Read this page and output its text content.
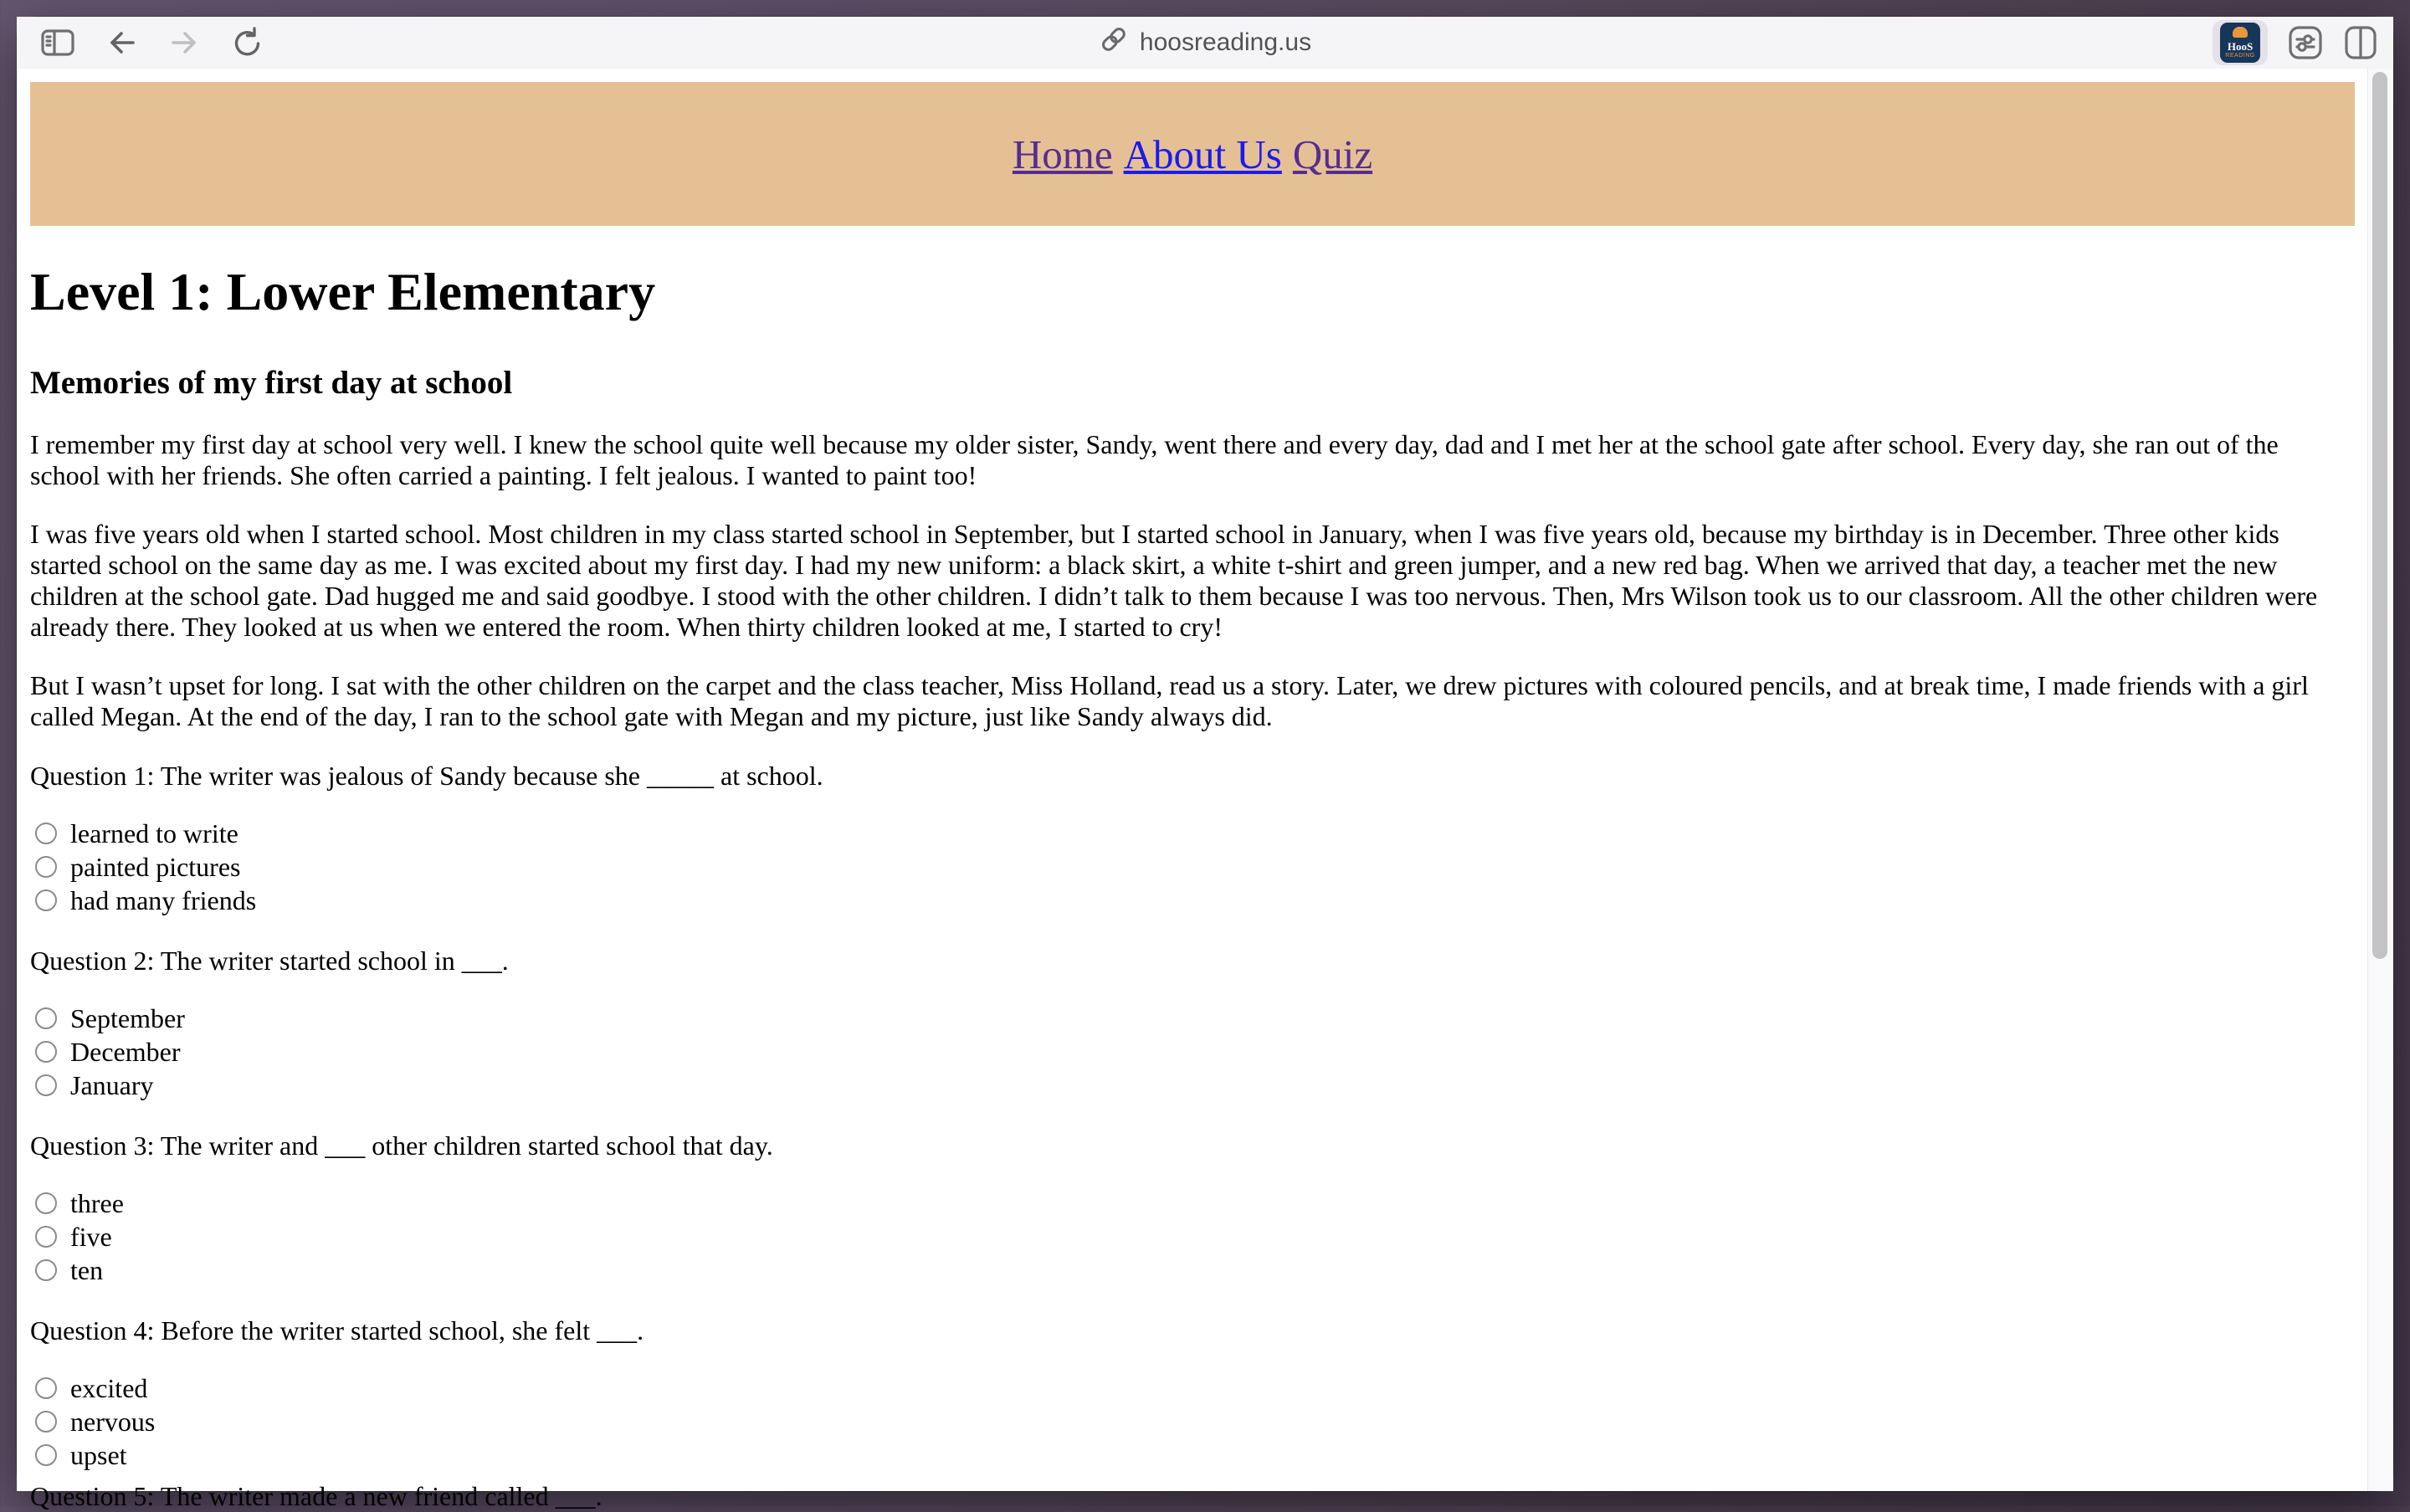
hoosreading.us	HooS
READING
Home About Us Quiz
Level 1: Lower Elementary
Memories of my first day at school

I remember my first day at school very well. I knew the school quite well because my older sister, Sandy, went there and every day, dad and I met her at the school gate after school. Every day, she ran out of the school with her friends. She often carried a painting. I felt jealous. I wanted to paint too!

I was five years old when I started school. Most children in my class started school in September, but I started school in January, when I was five years old, because my birthday is in December. Three other kids started school on the same day as me. I was excited about my first day. I had my new uniform: a black skirt, a white t-shirt and green jumper, and a new red bag. When we arrived that day, a teacher met the new children at the school gate. Dad hugged me and said goodbye. I stood with the other children. I didn’t talk to them because I was too nervous. Then, Mrs Wilson took us to our classroom. All the other children were already there. They looked at us when we entered the room. When thirty children looked at me, I started to cry!

But I wasn’t upset for long. I sat with the other children on the carpet and the class teacher, Miss Holland, read us a story. Later, we drew pictures with coloured pencils, and at break time, I made friends with a girl called Megan. At the end of the day, I ran to the school gate with Megan and my picture, just like Sandy always did.

Question 1: The writer was jealous of Sandy because she _____ at school.

learned to write
painted pictures
had many friends

Question 2: The writer started school in ___.

September
December
January

Question 3: The writer and ___ other children started school that day.

three
five
ten

Question 4: Before the writer started school, she felt ___.

excited
nervous
upset

Question 5: The writer made a new friend called ___.
